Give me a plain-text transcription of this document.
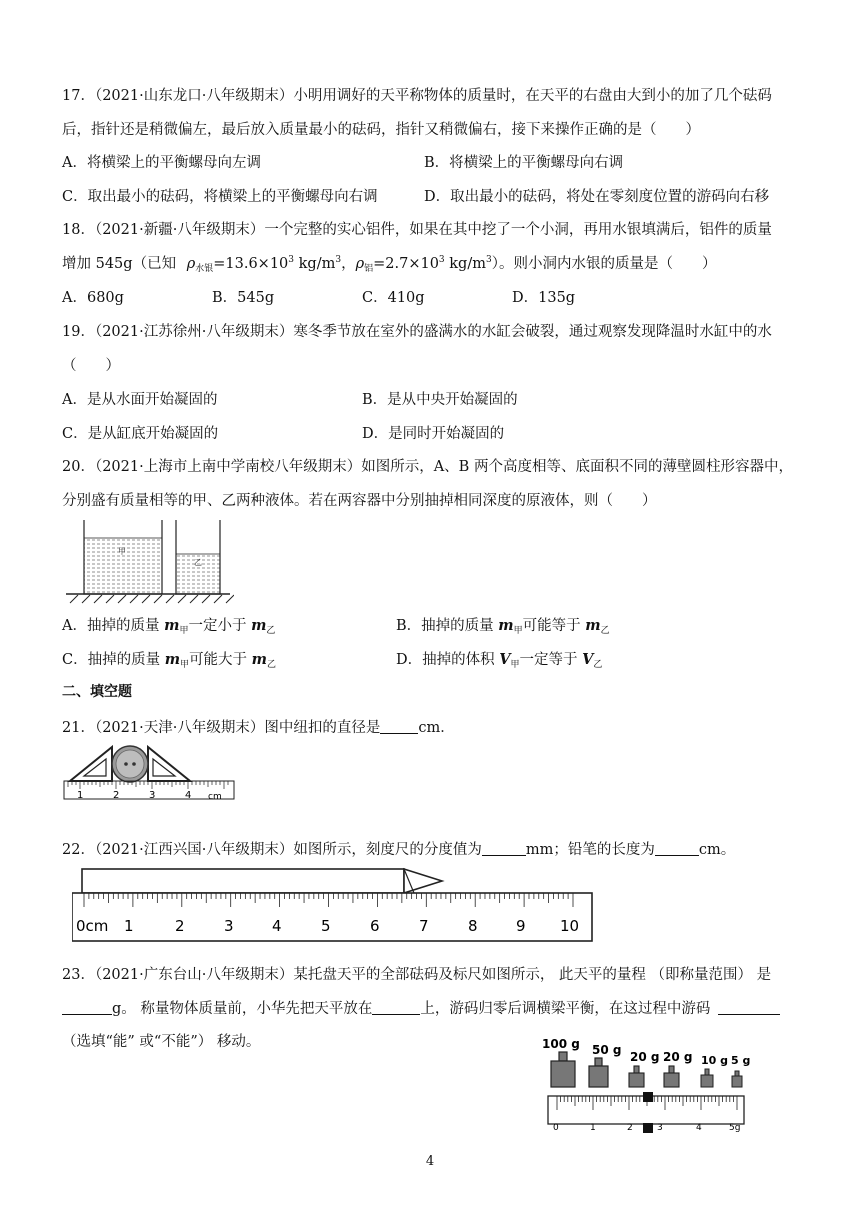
17．（2021·山东龙口·八年级期末）小明用调好的天平称物体的质量时，在天平的右盘由大到小的加了几个砝码
后，指针还是稍微偏左，最后放入质量最小的砝码，指针又稍微偏右，接下来操作正确的是（　　）
A．将横梁上的平衡螺母向左调	B．将横梁上的平衡螺母向右调
C．取出最小的砝码，将横梁上的平衡螺母向右调	D．取出最小的砝码，将处在零刻度位置的游码向右移
18．（2021·新疆·八年级期末）一个完整的实心铝件，如果在其中挖了一个小洞，再用水银填满后，铝件的质量
增加 545g（已知 $\rho_{水银}=13.6\times 10^3$ $kg/m^3$，$\rho_铝=2.7\times 10^3$ $kg/m^3$）。则小洞内水银的质量是（　　）
A．680g	B．545g	C．410g	D．135g
19．（2021·江苏徐州·八年级期末）寒冬季节放在室外的盛满水的水缸会破裂，通过观察发现降温时水缸中的水
（　　）
A．是从水面开始凝固的	B．是从中央开始凝固的
C．是从缸底开始凝固的	D．是同时开始凝固的
20．（2021·上海市上南中学南校八年级期末）如图所示，A、B 两个高度相等、底面积不同的薄壁圆柱形容器中，
分别盛有质量相等的甲、乙两种液体。若在两容器中分别抽掉相同深度的原液体，则（　　）
甲
乙
A．抽掉的质量 $m_甲$一定小于 $m_乙$	B．抽掉的质量 $m_甲$可能等于 $m_乙$
C．抽掉的质量 $m_甲$可能大于 $m_乙$	D．抽掉的体积 $V_甲$一定等于 $V_乙$
二、填空题
21．（2021·天津·八年级期末）图中纽扣的直径是	cm．
1	2	3	4 cm
22．（2021·江西兴国·八年级期末）如图所示，刻度尺的分度值为	mm；铅笔的长度为	cm。
0cm 1	2	3	4	5	6	7	8	9 10
23．（2021·广东台山·八年级期末）某托盘天平的全部砝码及标尺如图所示， 此天平的量程 （即称量范围） 是
g。 称量物体质量前，小华先把天平放在	上，游码归零后调横梁平衡，在这过程中游码
（选填“能” 或“不能”） 移动。	100 g 50 g 20 g 20 g 10 g 5 g
0	1	2	3	4	5g
4
